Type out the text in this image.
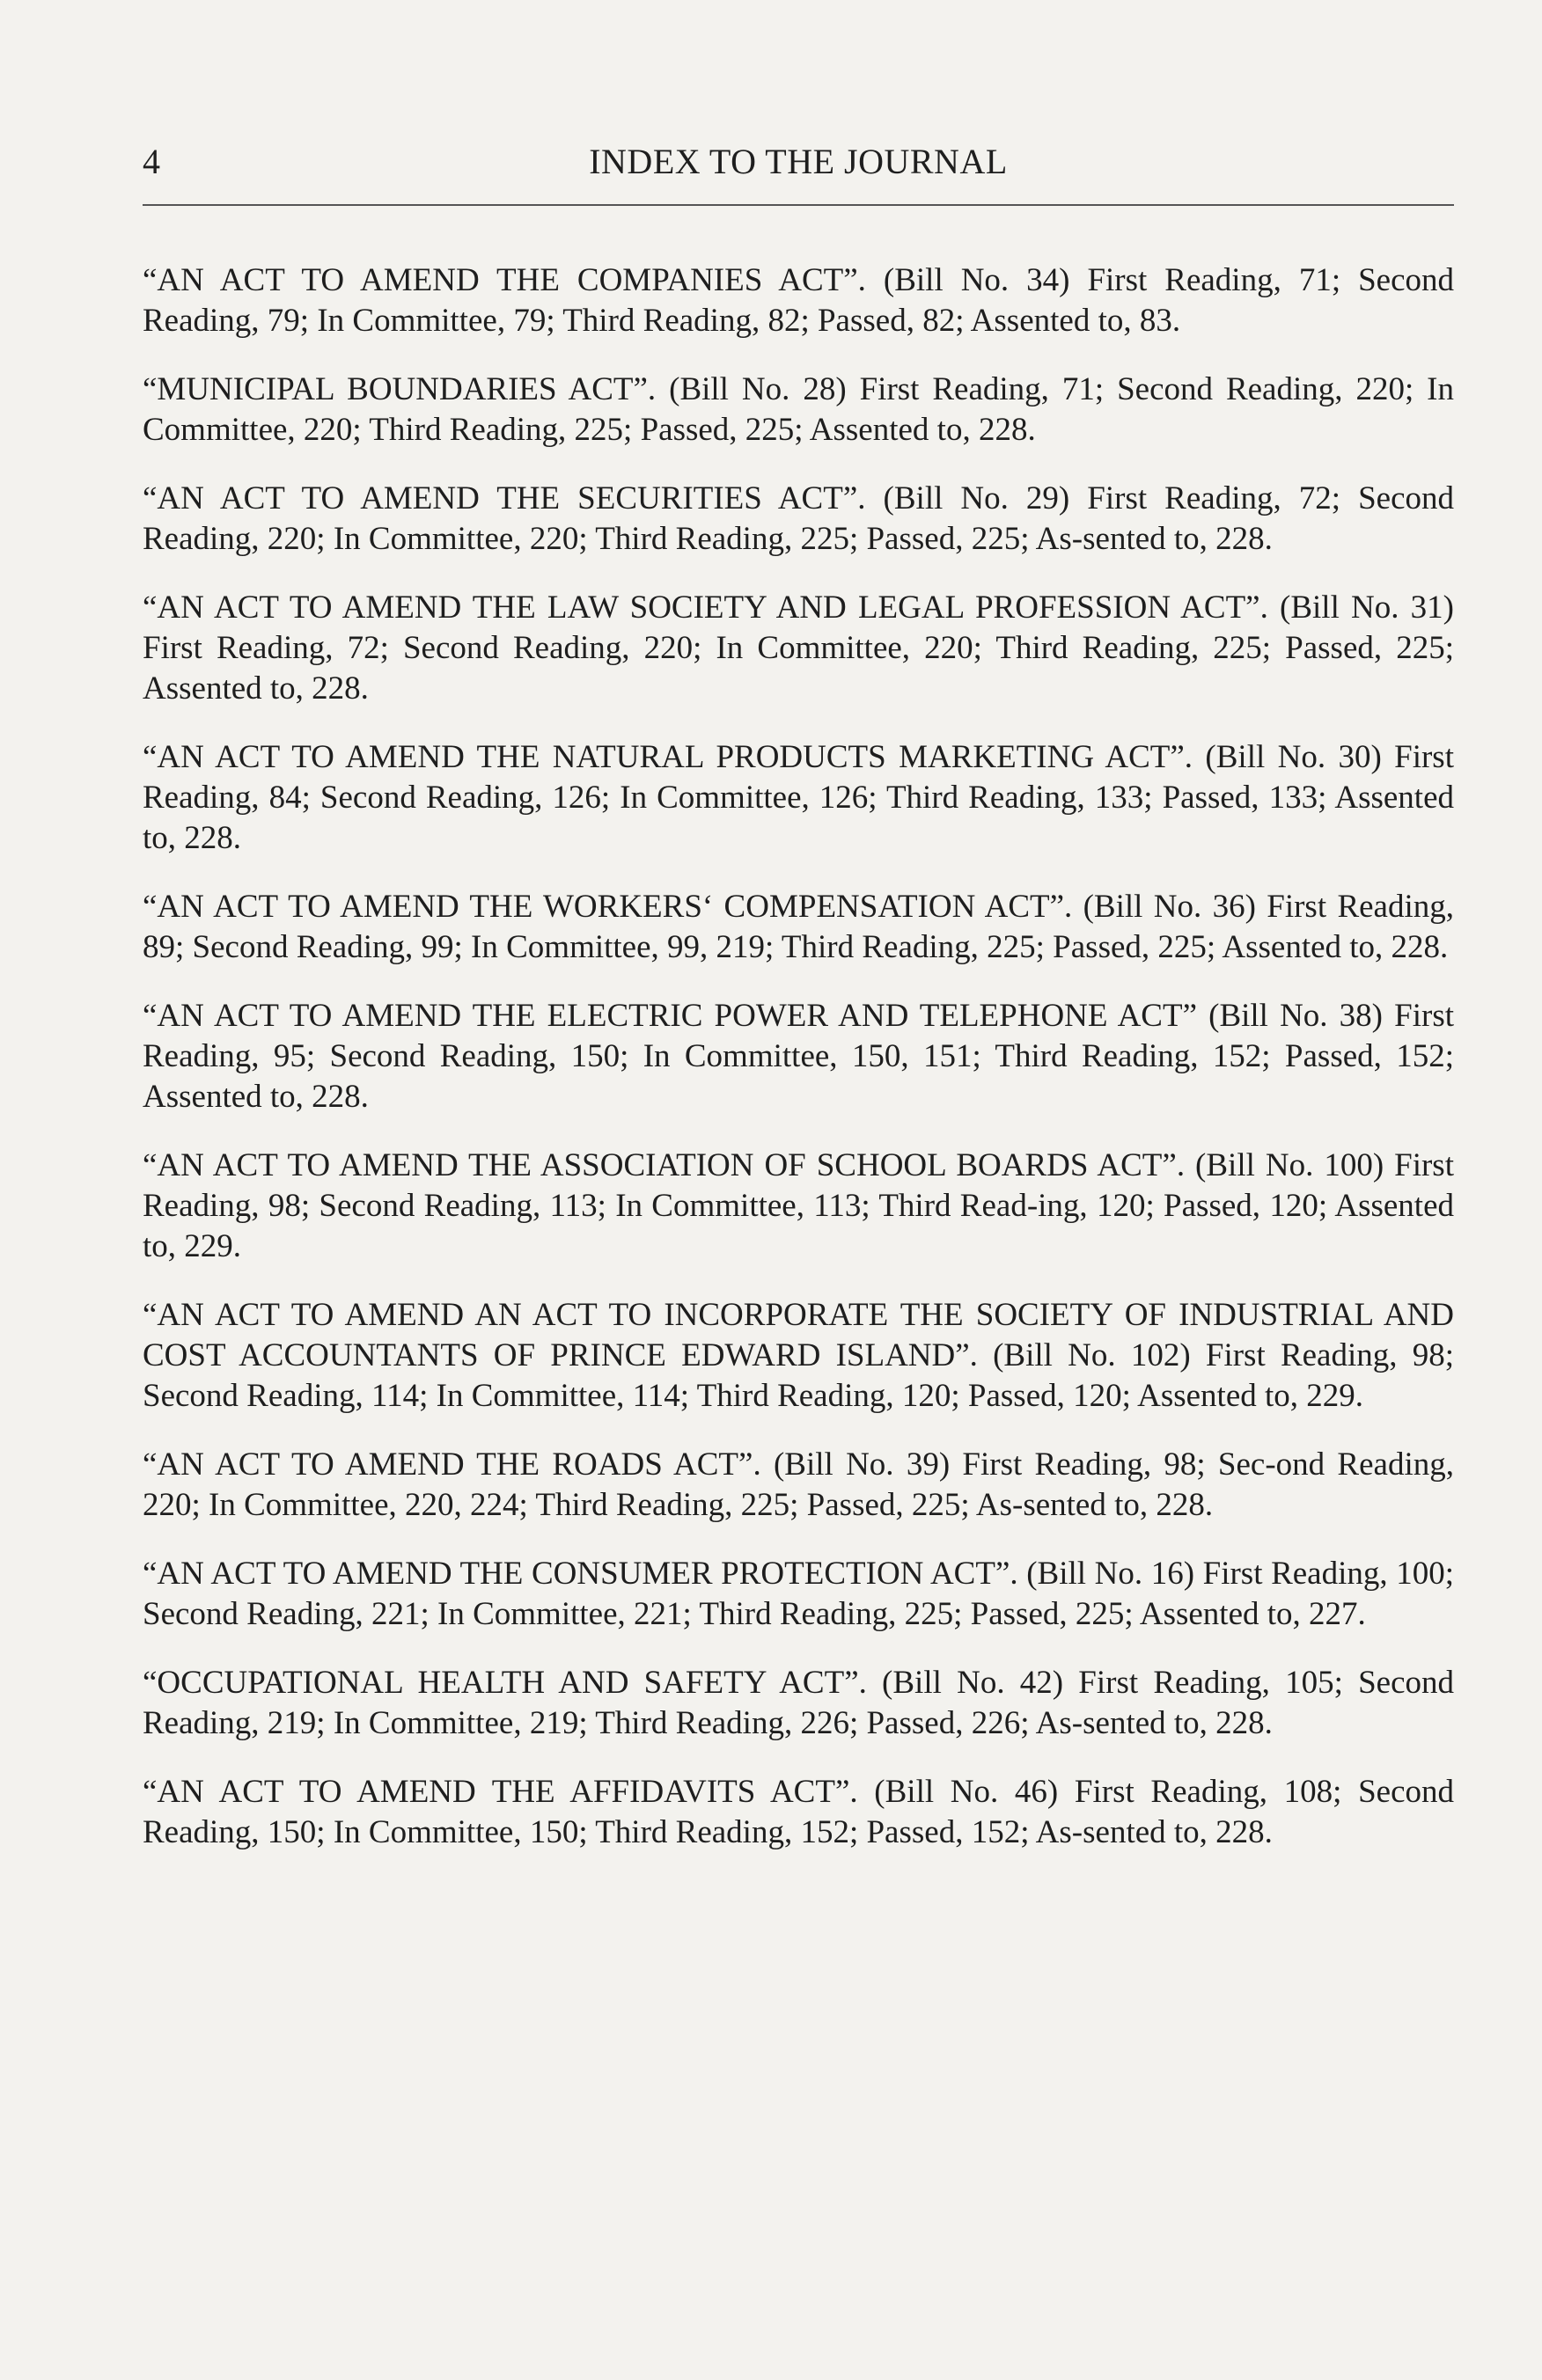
4	INDEX TO THE JOURNAL

“AN ACT TO AMEND THE COMPANIES ACT”. (Bill No. 34) First Reading, 71; Second Reading, 79; In Committee, 79; Third Reading, 82; Passed, 82; Assented to, 83.

“MUNICIPAL BOUNDARIES ACT”. (Bill No. 28) First Reading, 71; Second Reading, 220; In Committee, 220; Third Reading, 225; Passed, 225; Assented to, 228.

“AN ACT TO AMEND THE SECURITIES ACT”. (Bill No. 29) First Reading, 72; Second Reading, 220; In Committee, 220; Third Reading, 225; Passed, 225; As-sented to, 228.

“AN ACT TO AMEND THE LAW SOCIETY AND LEGAL PROFESSION ACT”. (Bill No. 31) First Reading, 72; Second Reading, 220; In Committee, 220; Third Reading, 225; Passed, 225; Assented to, 228.

“AN ACT TO AMEND THE NATURAL PRODUCTS MARKETING ACT”. (Bill No. 30) First Reading, 84; Second Reading, 126; In Committee, 126; Third Reading, 133; Passed, 133; Assented to, 228.

“AN ACT TO AMEND THE WORKERS‘ COMPENSATION ACT”. (Bill No. 36) First Reading, 89; Second Reading, 99; In Committee, 99, 219; Third Reading, 225; Passed, 225; Assented to, 228.

“AN ACT TO AMEND THE ELECTRIC POWER AND TELEPHONE ACT” (Bill No. 38) First Reading, 95; Second Reading, 150; In Committee, 150, 151; Third Reading, 152; Passed, 152; Assented to, 228.

“AN ACT TO AMEND THE ASSOCIATION OF SCHOOL BOARDS ACT”. (Bill No. 100) First Reading, 98; Second Reading, 113; In Committee, 113; Third Read-ing, 120; Passed, 120; Assented to, 229.

“AN ACT TO AMEND AN ACT TO INCORPORATE THE SOCIETY OF INDUSTRIAL AND COST ACCOUNTANTS OF PRINCE EDWARD ISLAND”. (Bill No. 102) First Reading, 98; Second Reading, 114; In Committee, 114; Third Reading, 120; Passed, 120; Assented to, 229.

“AN ACT TO AMEND THE ROADS ACT”. (Bill No. 39) First Reading, 98; Sec-ond Reading, 220; In Committee, 220, 224; Third Reading, 225; Passed, 225; As-sented to, 228.

“AN ACT TO AMEND THE CONSUMER PROTECTION ACT”. (Bill No. 16) First Reading, 100; Second Reading, 221; In Committee, 221; Third Reading, 225; Passed, 225; Assented to, 227.

“OCCUPATIONAL HEALTH AND SAFETY ACT”. (Bill No. 42) First Reading, 105; Second Reading, 219; In Committee, 219; Third Reading, 226; Passed, 226; As-sented to, 228.

“AN ACT TO AMEND THE AFFIDAVITS ACT”. (Bill No. 46) First Reading, 108; Second Reading, 150; In Committee, 150; Third Reading, 152; Passed, 152; As-sented to, 228.
